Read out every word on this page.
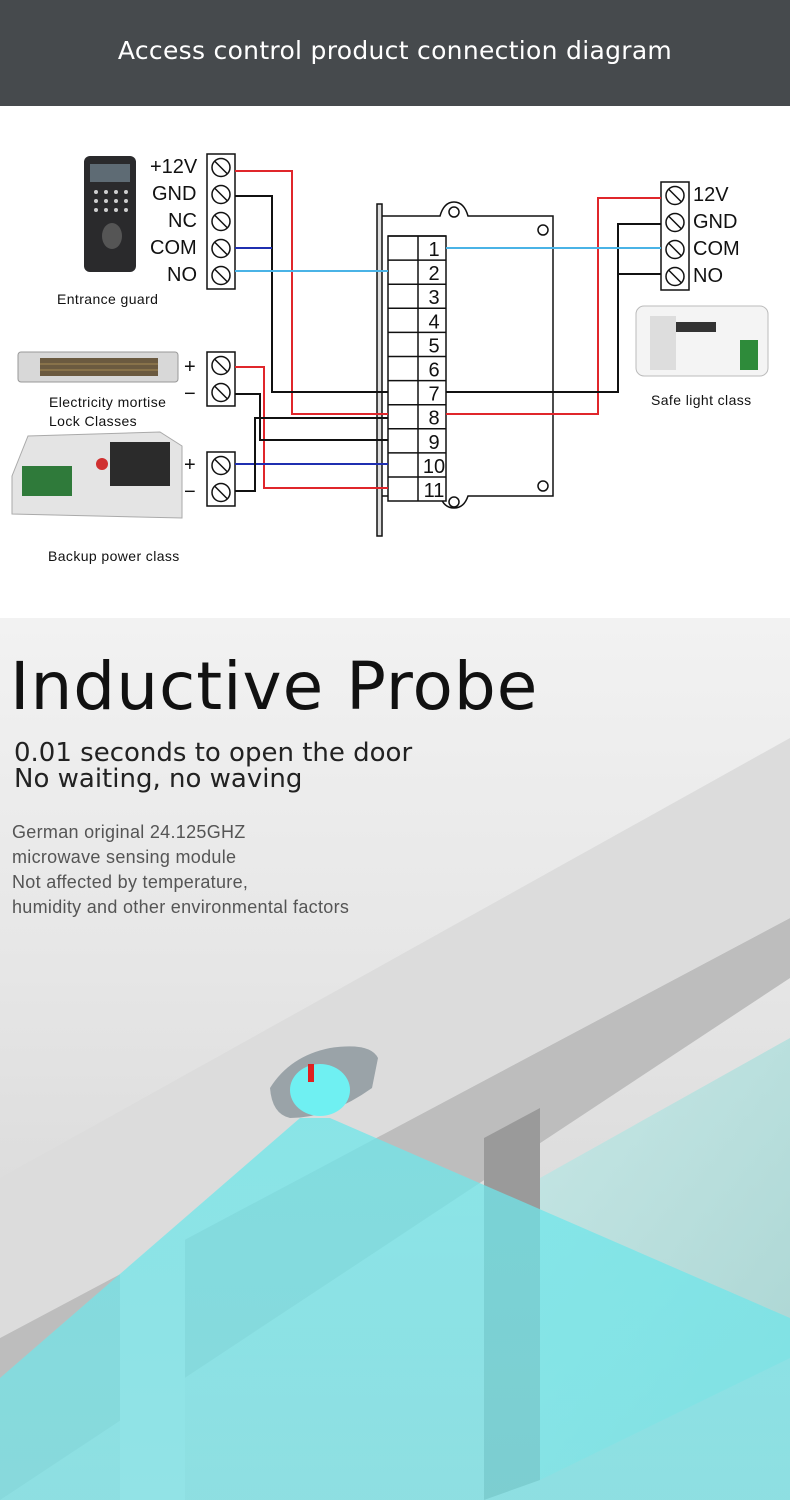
Access control product connection diagram
1
2
3
4
5
6
7
8
9
10
11
Entrance guard
Electricity mortise
Lock Classes
Backup power class
Safe light class
+12V
GND
NC
COM
NO
+
−
+
−
12V
GND
COM
NO
Inductive Probe
0.01 seconds to open the door
No waiting, no waving
German original 24.125GHZ
microwave sensing module
Not affected by temperature,
humidity and other environmental factors
